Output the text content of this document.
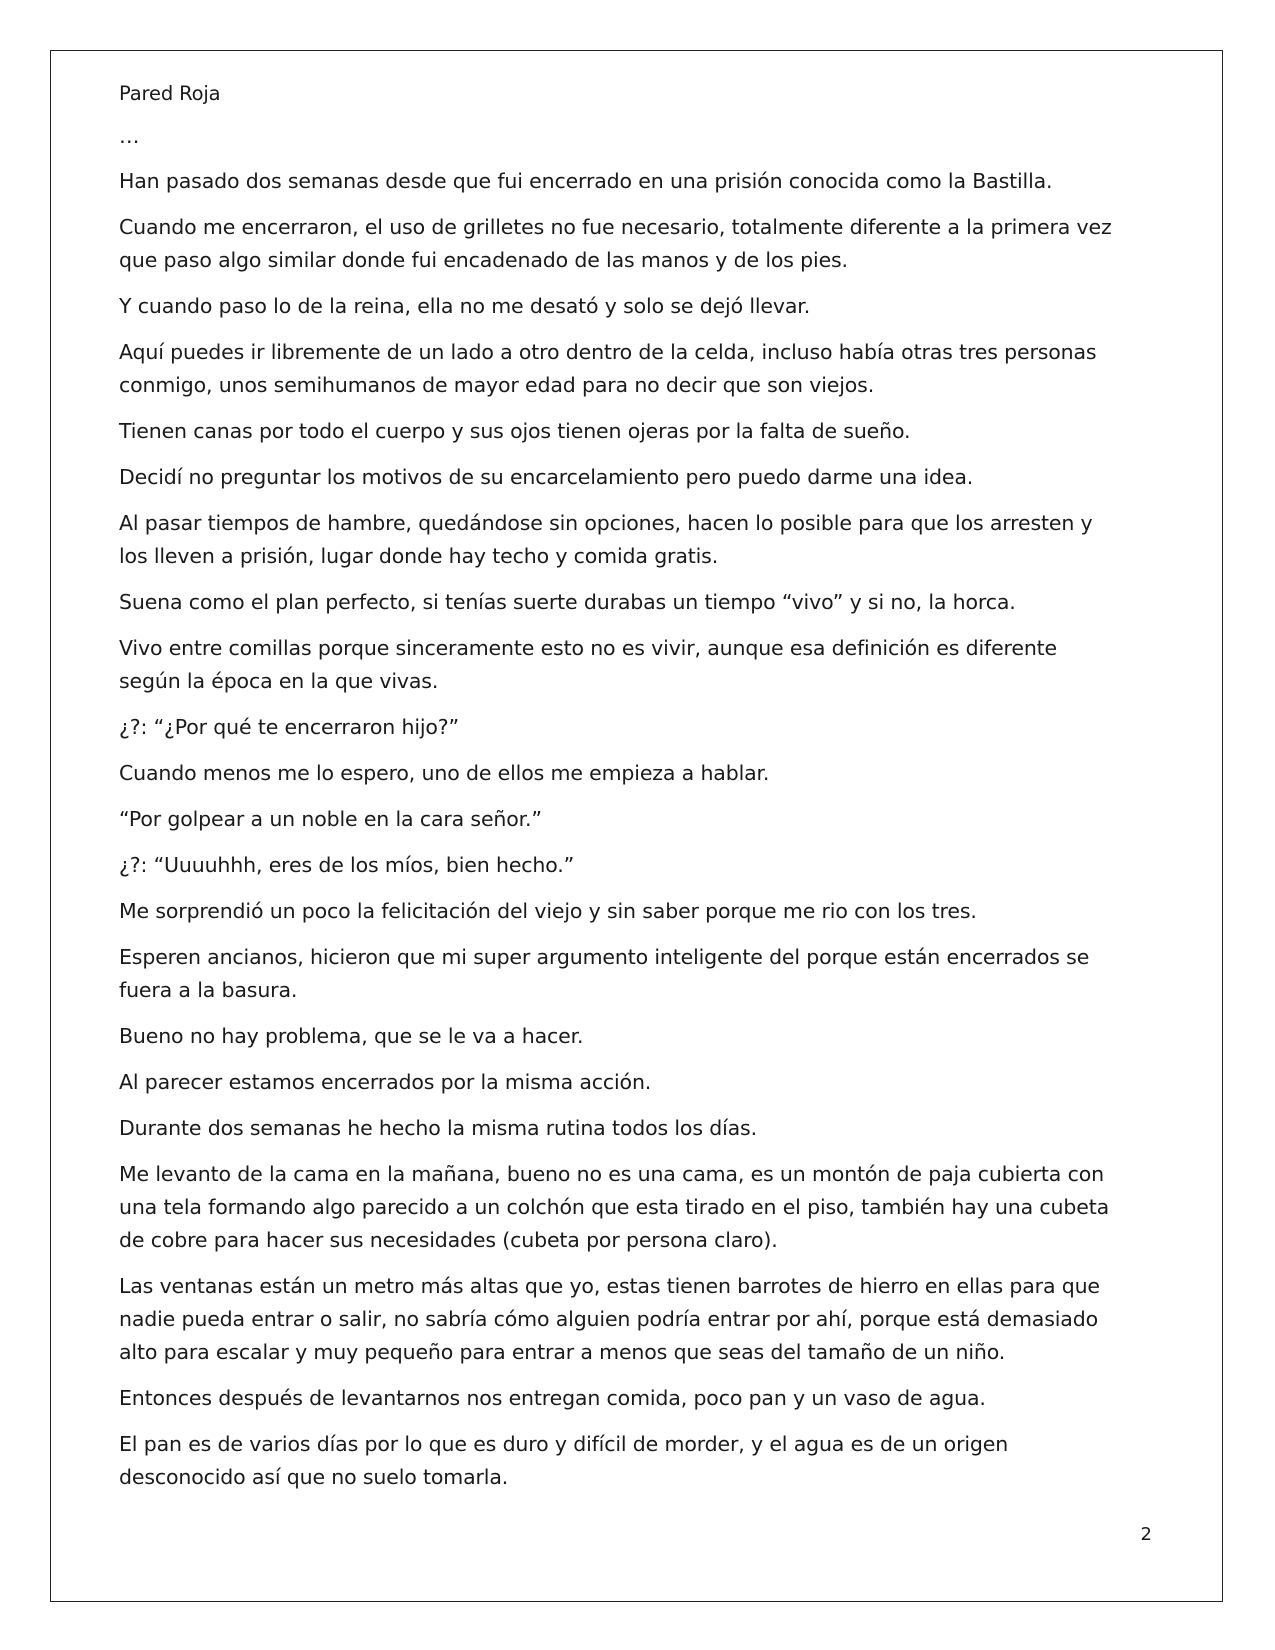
Pared Roja

…

Han pasado dos semanas desde que fui encerrado en una prisión conocida como la Bastilla.

Cuando me encerraron, el uso de grilletes no fue necesario, totalmente diferente a la primera vez que paso algo similar donde fui encadenado de las manos y de los pies.

Y cuando paso lo de la reina, ella no me desató y solo se dejó llevar.

Aquí puedes ir libremente de un lado a otro dentro de la celda, incluso había otras tres personas conmigo, unos semihumanos de mayor edad para no decir que son viejos.

Tienen canas por todo el cuerpo y sus ojos tienen ojeras por la falta de sueño.

Decidí no preguntar los motivos de su encarcelamiento pero puedo darme una idea.

Al pasar tiempos de hambre, quedándose sin opciones, hacen lo posible para que los arresten y los lleven a prisión, lugar donde hay techo y comida gratis.

Suena como el plan perfecto, si tenías suerte durabas un tiempo “vivo” y si no, la horca.

Vivo entre comillas porque sinceramente esto no es vivir, aunque esa definición es diferente según la época en la que vivas.

¿?: “¿Por qué te encerraron hijo?”

Cuando menos me lo espero, uno de ellos me empieza a hablar.

“Por golpear a un noble en la cara señor.”

¿?: “Uuuuhhh, eres de los míos, bien hecho.”

Me sorprendió un poco la felicitación del viejo y sin saber porque me rio con los tres.

Esperen ancianos, hicieron que mi super argumento inteligente del porque están encerrados se fuera a la basura.

Bueno no hay problema, que se le va a hacer.

Al parecer estamos encerrados por la misma acción.

Durante dos semanas he hecho la misma rutina todos los días.

Me levanto de la cama en la mañana, bueno no es una cama, es un montón de paja cubierta con una tela formando algo parecido a un colchón que esta tirado en el piso, también hay una cubeta de cobre para hacer sus necesidades (cubeta por persona claro).

Las ventanas están un metro más altas que yo, estas tienen barrotes de hierro en ellas para que nadie pueda entrar o salir, no sabría cómo alguien podría entrar por ahí, porque está demasiado alto para escalar y muy pequeño para entrar a menos que seas del tamaño de un niño.

Entonces después de levantarnos nos entregan comida, poco pan y un vaso de agua.

El pan es de varios días por lo que es duro y difícil de morder, y el agua es de un origen desconocido así que no suelo tomarla.

2
